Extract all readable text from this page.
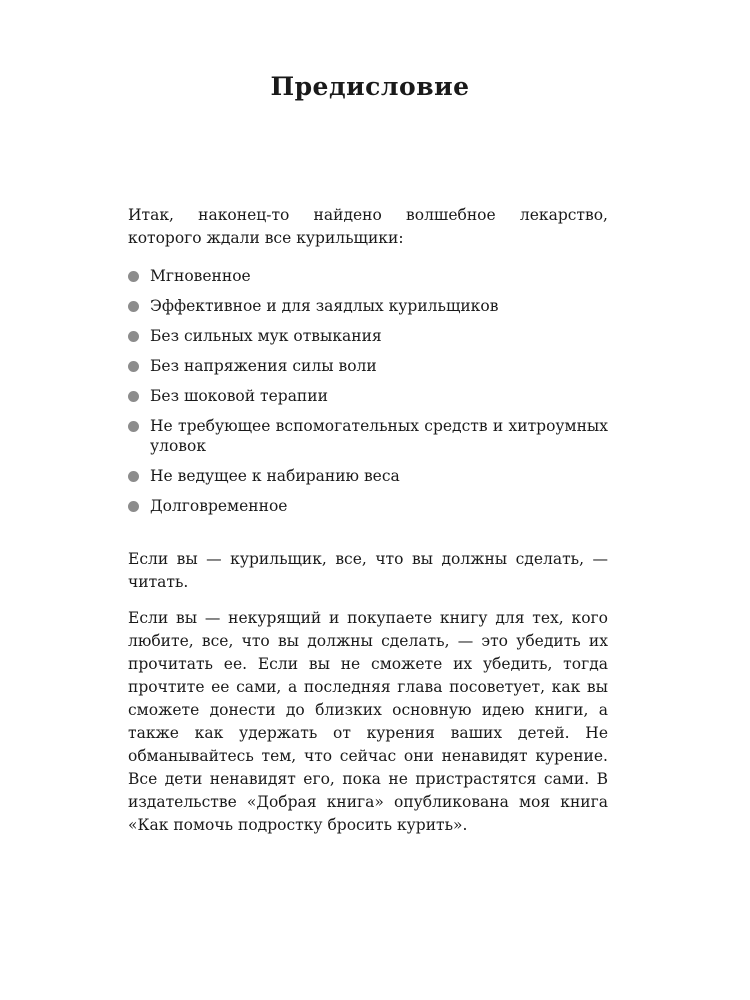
Предисловие

Итак, наконец-то найдено волшебное лекарство, которого ждали все курильщики:

Мгновенное
Эффективное и для заядлых курильщиков
Без сильных мук отвыкания
Без напряжения силы воли
Без шоковой терапии
Не требующее вспомогательных средств и хитроумных уловок
Не ведущее к набиранию веса
Долговременное

Если вы — курильщик, все, что вы должны сделать, — читать.

Если вы — некурящий и покупаете книгу для тех, кого любите, все, что вы должны сделать, — это убедить их прочитать ее. Если вы не сможете их убедить, тогда прочтите ее сами, а последняя глава посоветует, как вы сможете донести до близких основную идею книги, а также как удержать от курения ваших детей. Не обманывайтесь тем, что сейчас они ненавидят курение. Все дети ненавидят его, пока не пристрастятся сами. В издательстве «Добрая книга» опубликована моя книга «Как помочь подростку бросить курить».
